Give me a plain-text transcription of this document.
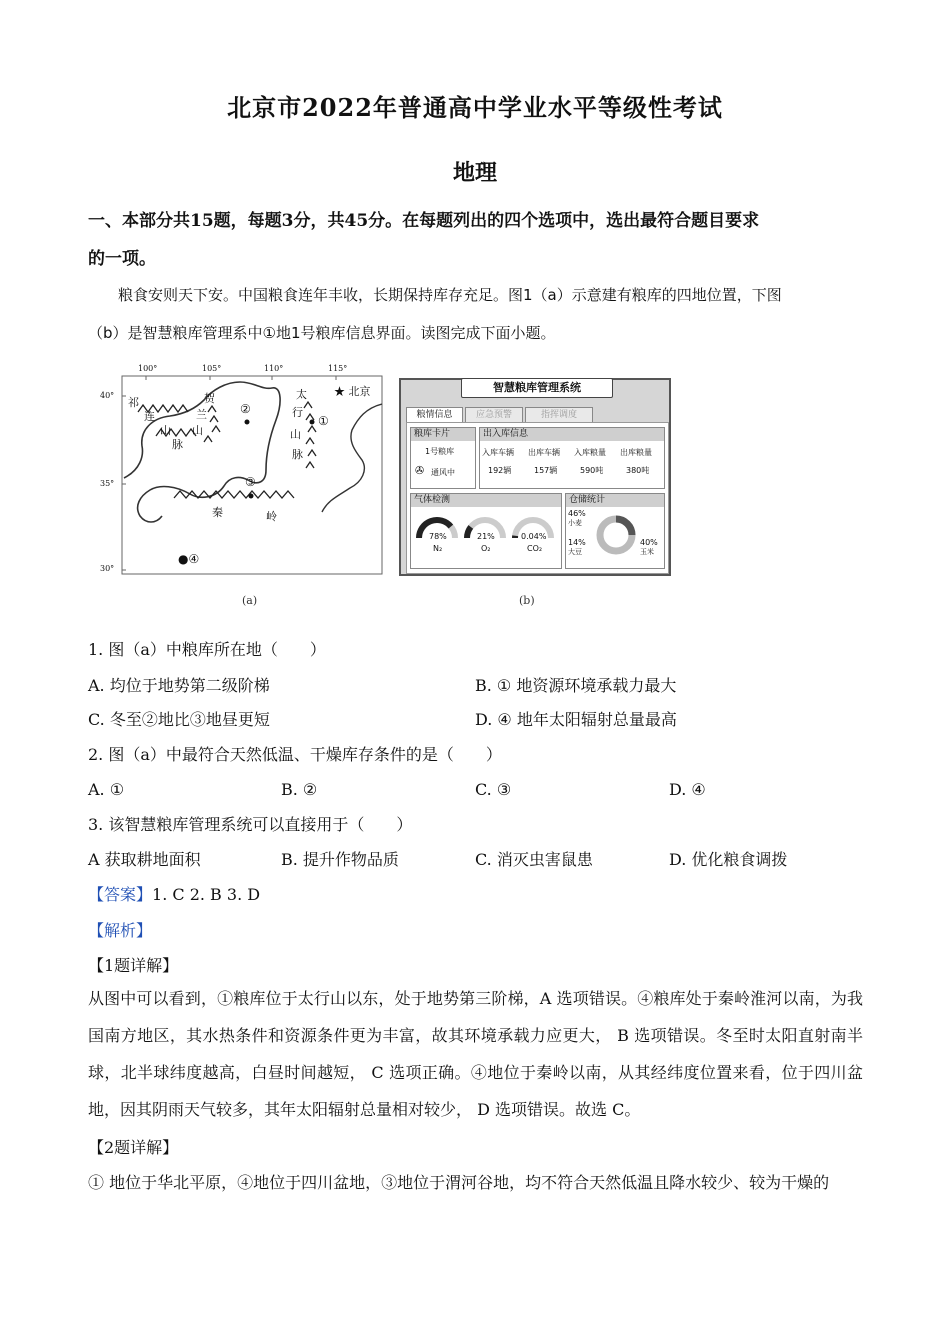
北京市2022年普通高中学业水平等级性考试
地理
一、本部分共15题，每题3分，共45分。在每题列出的四个选项中，选出最符合题目要求
的一项。
粮食安则天下安。中国粮食连年丰收，长期保持库存充足。图1（a）示意建有粮库的四地位置，下图
（b）是智慧粮库管理系中①地1号粮库信息界面。读图完成下面小题。
100°	105°	110°	115°
40°
35°
30°
★ 北京
祁
连
山
脉
贺
兰
山
太
行
山
脉
秦	岭
①
②
③
●④
(a)
智慧粮库管理系统
粮情信息	应急预警	指挥调度
粮库卡片
1号粮库
✇ 通风中
出入库信息
入库车辆 出库车辆 入库粮量 出库粮量
192辆	157辆	590吨	380吨
气体检测
78%
N₂
21%
O₂
0.04%
CO₂
仓储统计
46%
小麦
14%
大豆
40%
玉米
(b)
1. 图（a）中粮库所在地（　　）
A. 均位于地势第二级阶梯	B. ① 地资源环境承载力最大
C. 冬至②地比③地昼更短	D. ④ 地年太阳辐射总量最高
2. 图（a）中最符合天然低温、干燥库存条件的是（　　）
A. ①	B. ②	C. ③	D. ④
3. 该智慧粮库管理系统可以直接用于（　　）
A 获取耕地面积	B. 提升作物品质	C. 消灭虫害鼠患	D. 优化粮食调拨
【答案】1. C 2. B 3. D
【解析】
【1题详解】
从图中可以看到，①粮库位于太行山以东，处于地势第三阶梯，A 选项错误。④粮库处于秦岭淮河以南，为我国南方地区，其水热条件和资源条件更为丰富，故其环境承载力应更大， B 选项错误。冬至时太阳直射南半球，北半球纬度越高，白昼时间越短， C 选项正确。④地位于秦岭以南，从其经纬度位置来看，位于四川盆地，因其阴雨天气较多，其年太阳辐射总量相对较少， D 选项错误。故选 C。
【2题详解】
① 地位于华北平原，④地位于四川盆地，③地位于渭河谷地，均不符合天然低温且降水较少、较为干燥的
